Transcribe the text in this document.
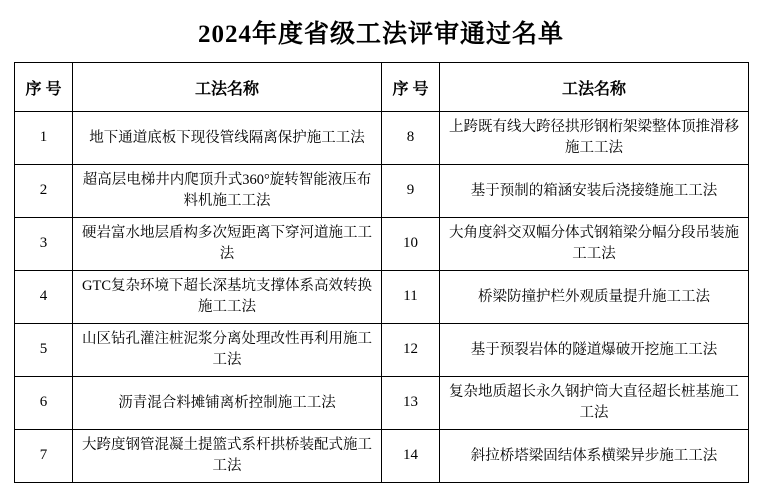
2024年度省级工法评审通过名单
序 号	工法名称	序 号	工法名称
1	地下通道底板下现役管线隔离保护施工工法	8	上跨既有线大跨径拱形钢桁架梁整体顶推滑移施工工法
2	超高层电梯井内爬顶升式360°旋转智能液压布料机施工工法	9	基于预制的箱涵安装后浇接缝施工工法
3	硬岩富水地层盾构多次短距离下穿河道施工工法	10	大角度斜交双幅分体式钢箱梁分幅分段吊装施工工法
4	GTC复杂环境下超长深基坑支撑体系高效转换施工工法	11	桥梁防撞护栏外观质量提升施工工法
5	山区钻孔灌注桩泥浆分离处理改性再利用施工工法	12	基于预裂岩体的隧道爆破开挖施工工法
6	沥青混合料摊铺离析控制施工工法	13	复杂地质超长永久钢护筒大直径超长桩基施工工法
7	大跨度钢管混凝土提篮式系杆拱桥装配式施工工法	14	斜拉桥塔梁固结体系横梁异步施工工法
